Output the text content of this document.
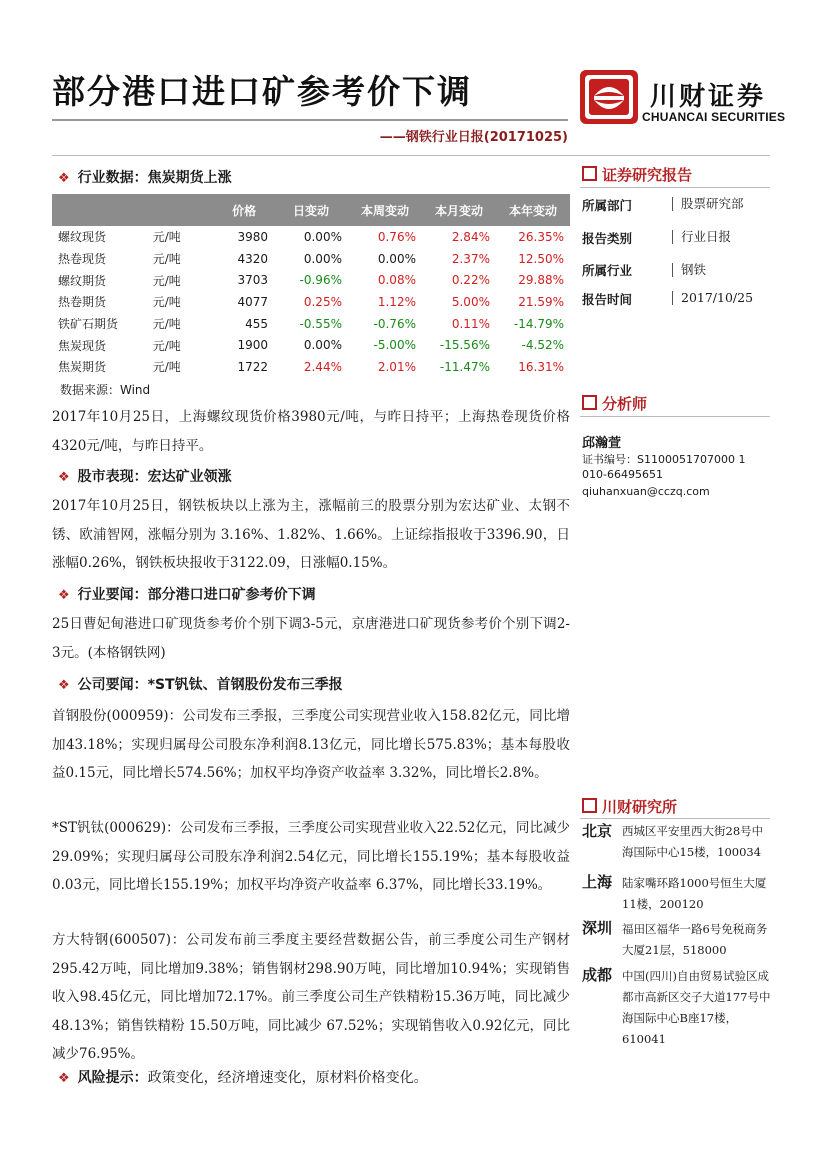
部分港口进口矿参考价下调
——钢铁行业日报(20171025)
川财证券
CHUANCAI SECURITIES
❖ 行业数据：焦炭期货上涨
		价格	日变动	本周变动	本月变动	本年变动
螺纹现货	元/吨	3980	0.00%	0.76%	2.84%	26.35%
热卷现货	元/吨	4320	0.00%	0.00%	2.37%	12.50%
螺纹期货	元/吨	3703	-0.96%	0.08%	0.22%	29.88%
热卷期货	元/吨	4077	0.25%	1.12%	5.00%	21.59%
铁矿石期货	元/吨	455	-0.55%	-0.76%	0.11%	-14.79%
焦炭现货	元/吨	1900	0.00%	-5.00%	-15.56%	-4.52%
焦炭期货	元/吨	1722	2.44%	2.01%	-11.47%	16.31%
数据来源：Wind
2017年10月25日，上海螺纹现货价格3980元/吨，与昨日持平；上海热卷现货价格4320元/吨，与昨日持平。
❖ 股市表现：宏达矿业领涨
2017年10月25日，钢铁板块以上涨为主，涨幅前三的股票分别为宏达矿业、太钢不锈、欧浦智网，涨幅分别为 3.16%、1.82%、1.66%。上证综指报收于3396.90，日涨幅0.26%，钢铁板块报收于3122.09，日涨幅0.15%。
❖ 行业要闻：部分港口进口矿参考价下调
25日曹妃甸港进口矿现货参考价个别下调3-5元，京唐港进口矿现货参考价个别下调2-3元。(本格钢铁网)
❖ 公司要闻：*ST钒钛、首钢股份发布三季报
首钢股份(000959)：公司发布三季报，三季度公司实现营业收入158.82亿元，同比增加43.18%；实现归属母公司股东净利润8.13亿元，同比增长575.83%；基本每股收益0.15元，同比增长574.56%；加权平均净资产收益率 3.32%，同比增长2.8%。
*ST钒钛(000629)：公司发布三季报，三季度公司实现营业收入22.52亿元，同比减少29.09%；实现归属母公司股东净利润2.54亿元，同比增长155.19%；基本每股收益0.03元，同比增长155.19%；加权平均净资产收益率 6.37%，同比增长33.19%。
方大特钢(600507)：公司发布前三季度主要经营数据公告，前三季度公司生产钢材295.42万吨，同比增加9.38%；销售钢材298.90万吨，同比增加10.94%；实现销售收入98.45亿元，同比增加72.17%。前三季度公司生产铁精粉15.36万吨，同比减少48.13%；销售铁精粉 15.50万吨，同比减少 67.52%；实现销售收入0.92亿元，同比减少76.95%。
❖ 风险提示：政策变化，经济增速变化，原材料价格变化。
证券研究报告
所属部门	股票研究部
报告类别	行业日报
所属行业	钢铁
报告时间	2017/10/25
分析师
邱瀚萱
证书编号：S1100051707000 1
010-66495651
qiuhanxuan@cczq.com
川财研究所
北京 西城区平安里西大街28号中海国际中心15楼，100034
上海 陆家嘴环路1000号恒生大厦11楼，200120
深圳 福田区福华一路6号免税商务大厦21层，518000
成都 中国(四川)自由贸易试验区成都市高新区交子大道177号中海国际中心B座17楼，610041
